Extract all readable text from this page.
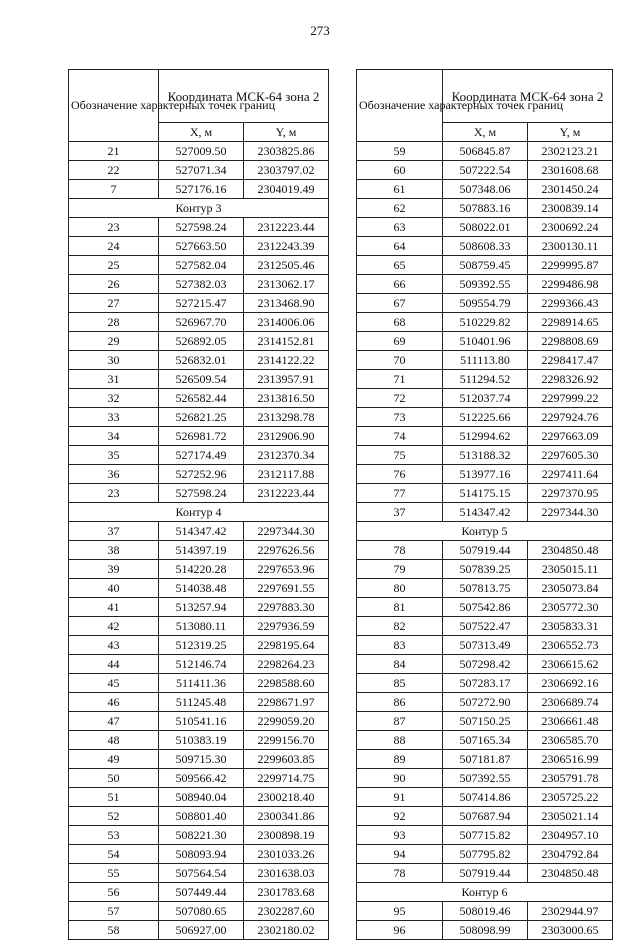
273
Обозначение характерных точек границ	Координата МСК-64 зона 2	
	X, м	Y, м
21	527009.50	2303825.86
22	527071.34	2303797.02
7	527176.16	2304019.49
Контур 3		
23	527598.24	2312223.44
24	527663.50	2312243.39
25	527582.04	2312505.46
26	527382.03	2313062.17
27	527215.47	2313468.90
28	526967.70	2314006.06
29	526892.05	2314152.81
30	526832.01	2314122.22
31	526509.54	2313957.91
32	526582.44	2313816.50
33	526821.25	2313298.78
34	526981.72	2312906.90
35	527174.49	2312370.34
36	527252.96	2312117.88
23	527598.24	2312223.44
Контур 4		
37	514347.42	2297344.30
38	514397.19	2297626.56
39	514220.28	2297653.96
40	514038.48	2297691.55
41	513257.94	2297883.30
42	513080.11	2297936.59
43	512319.25	2298195.64
44	512146.74	2298264.23
45	511411.36	2298588.60
46	511245.48	2298671.97
47	510541.16	2299059.20
48	510383.19	2299156.70
49	509715.30	2299603.85
50	509566.42	2299714.75
51	508940.04	2300218.40
52	508801.40	2300341.86
53	508221.30	2300898.19
54	508093.94	2301033.26
55	507564.54	2301638.03
56	507449.44	2301783.68
57	507080.65	2302287.60
58	506927.00	2302180.02
Обозначение характерных точек границ	Координата МСК-64 зона 2	
	X, м	Y, м
59	506845.87	2302123.21
60	507222.54	2301608.68
61	507348.06	2301450.24
62	507883.16	2300839.14
63	508022.01	2300692.24
64	508608.33	2300130.11
65	508759.45	2299995.87
66	509392.55	2299486.98
67	509554.79	2299366.43
68	510229.82	2298914.65
69	510401.96	2298808.69
70	511113.80	2298417.47
71	511294.52	2298326.92
72	512037.74	2297999.22
73	512225.66	2297924.76
74	512994.62	2297663.09
75	513188.32	2297605.30
76	513977.16	2297411.64
77	514175.15	2297370.95
37	514347.42	2297344.30
Контур 5		
78	507919.44	2304850.48
79	507839.25	2305015.11
80	507813.75	2305073.84
81	507542.86	2305772.30
82	507522.47	2305833.31
83	507313.49	2306552.73
84	507298.42	2306615.62
85	507283.17	2306692.16
86	507272.90	2306689.74
87	507150.25	2306661.48
88	507165.34	2306585.70
89	507181.87	2306516.99
90	507392.55	2305791.78
91	507414.86	2305725.22
92	507687.94	2305021.14
93	507715.82	2304957.10
94	507795.82	2304792.84
78	507919.44	2304850.48
Контур 6		
95	508019.46	2302944.97
96	508098.99	2303000.65
